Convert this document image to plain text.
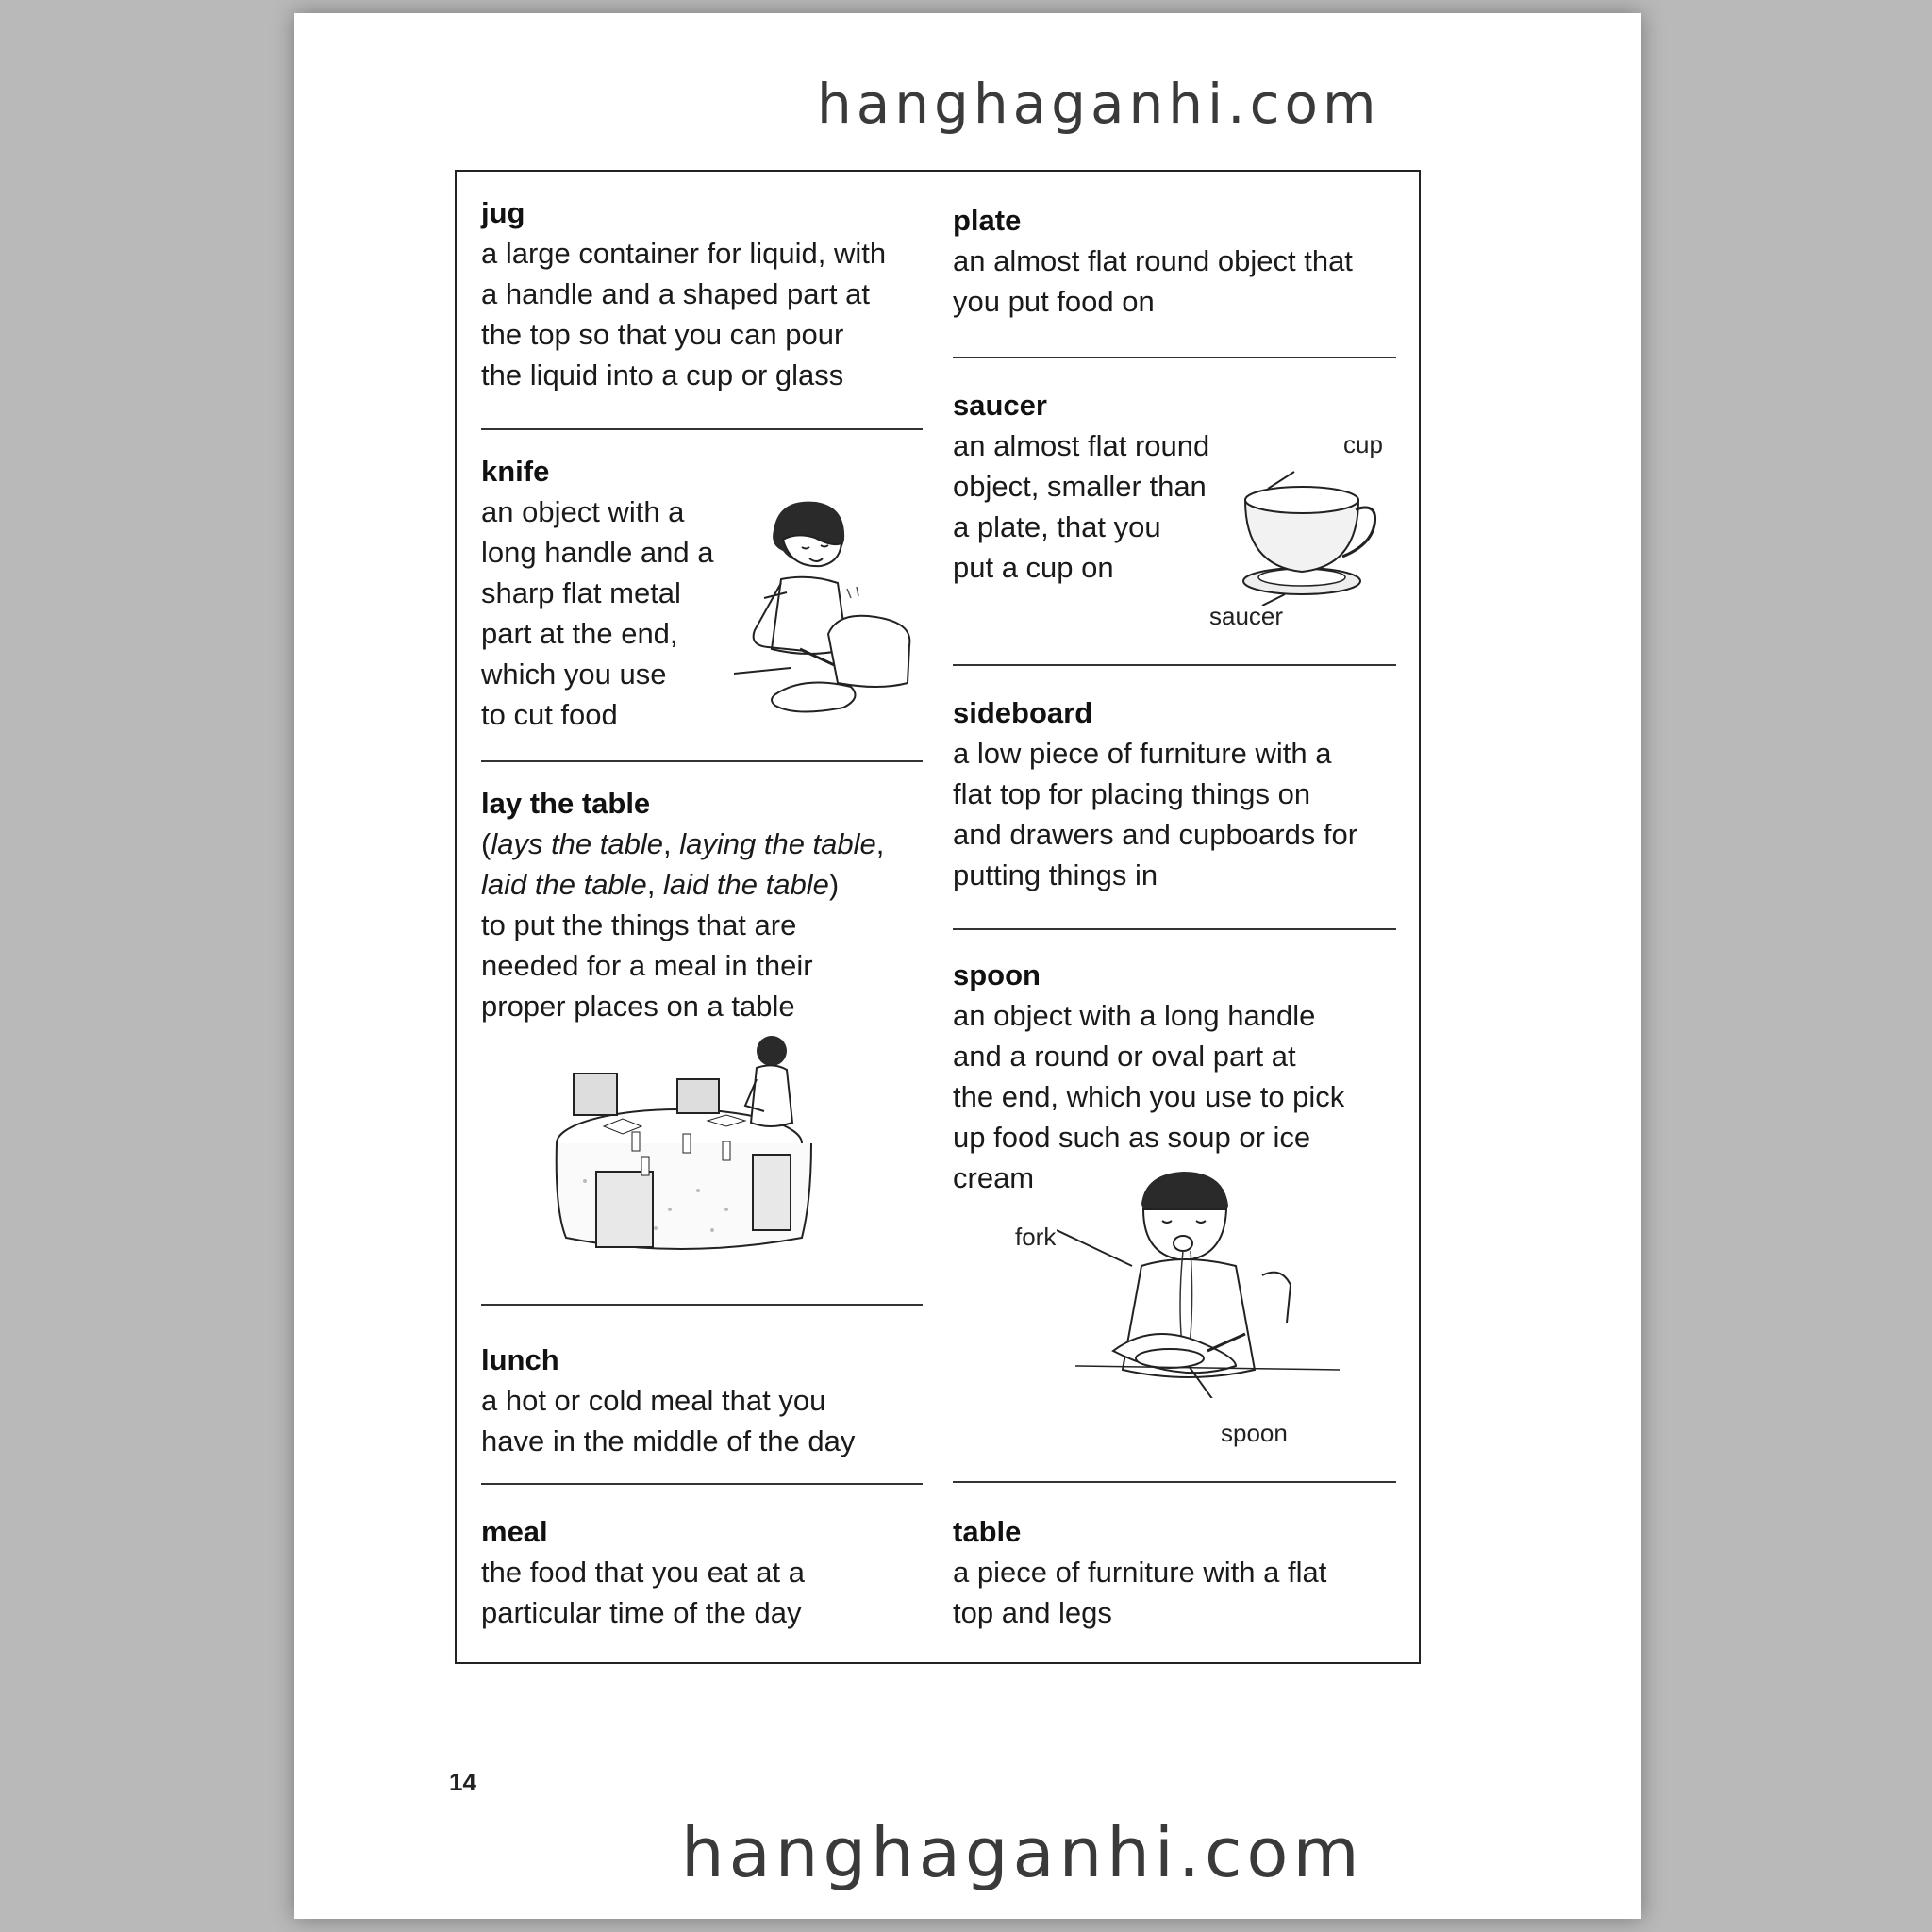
hanghaganhi.com
jug
a large container for liquid, with
a handle and a shaped part at
the top so that you can pour
the liquid into a cup or glass
knife
an object with a
long handle and a
sharp flat metal
part at the end,
which you use
to cut food
lay the table
(lays the table, laying the table,
laid the table, laid the table)
to put the things that are
needed for a meal in their
proper places on a table
lunch
a hot or cold meal that you
have in the middle of the day
meal
the food that you eat at a
particular time of the day
plate
an almost flat round object that
you put food on
saucer
an almost flat round
object, smaller than
a plate, that you
put a cup on
cup
saucer
sideboard
a low piece of furniture with a
flat top for placing things on
and drawers and cupboards for
putting things in
spoon
an object with a long handle
and a round or oval part at
the end, which you use to pick
up food such as soup or ice
cream
fork
spoon
table
a piece of furniture with a flat
top and legs
14
hanghaganhi.com
